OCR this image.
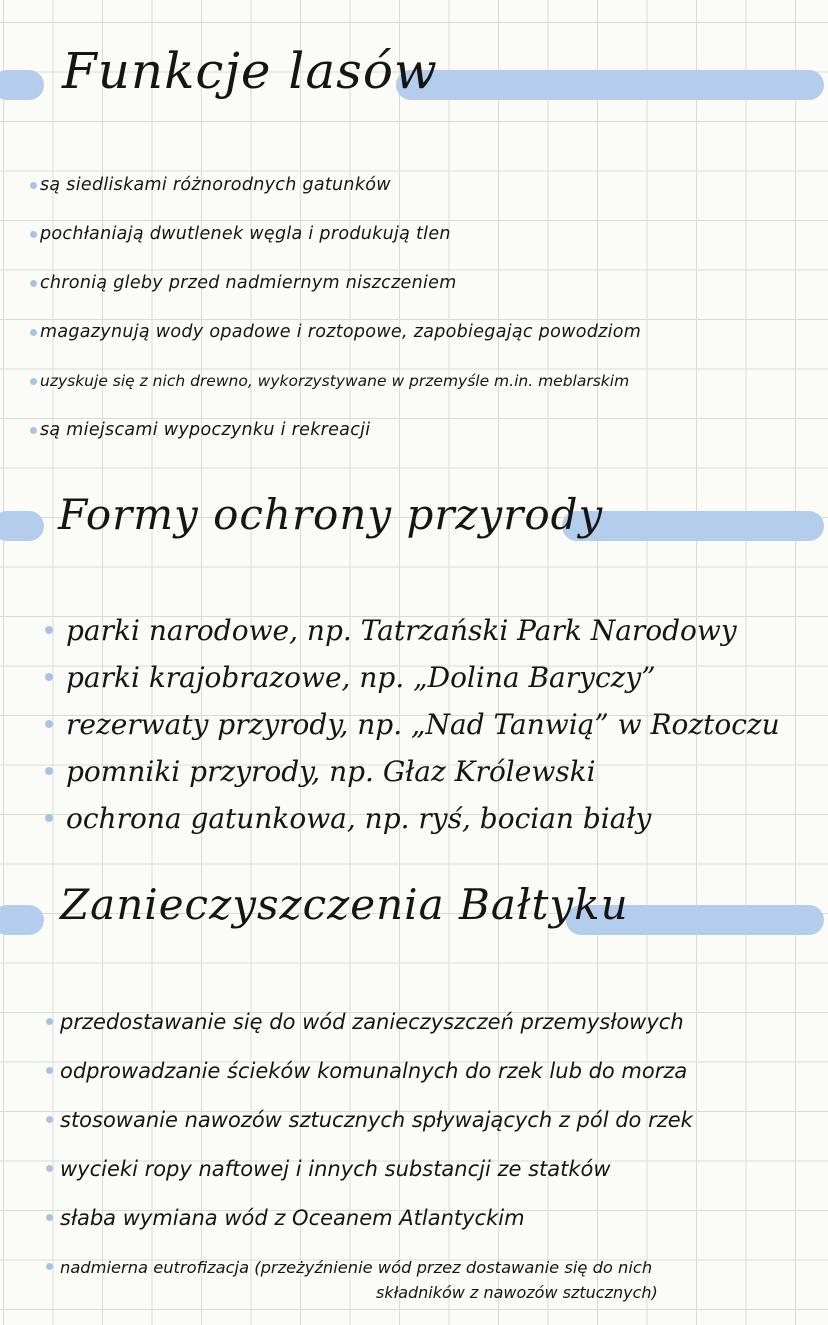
Funkcje lasów
są siedliskami różnorodnych gatunków
pochłaniają dwutlenek węgla i produkują tlen
chronią gleby przed nadmiernym niszczeniem
magazynują wody opadowe i roztopowe, zapobiegając powodziom
uzyskuje się z nich drewno, wykorzystywane w przemyśle m.in. meblarskim
są miejscami wypoczynku i rekreacji
Formy ochrony przyrody
parki narodowe, np. Tatrzański Park Narodowy
parki krajobrazowe, np. „Dolina Baryczy”
rezerwaty przyrody, np. „Nad Tanwią” w Roztoczu
pomniki przyrody, np. Głaz Królewski
ochrona gatunkowa, np. ryś, bocian biały
Zanieczyszczenia Bałtyku
przedostawanie się do wód zanieczyszczeń przemysłowych
odprowadzanie ścieków komunalnych do rzek lub do morza
stosowanie nawozów sztucznych spływających z pól do rzek
wycieki ropy naftowej i innych substancji ze statków
słaba wymiana wód z Oceanem Atlantyckim
nadmierna eutrofizacja (przeżyźnienie wód przez dostawanie się do nich
składników z nawozów sztucznych)
